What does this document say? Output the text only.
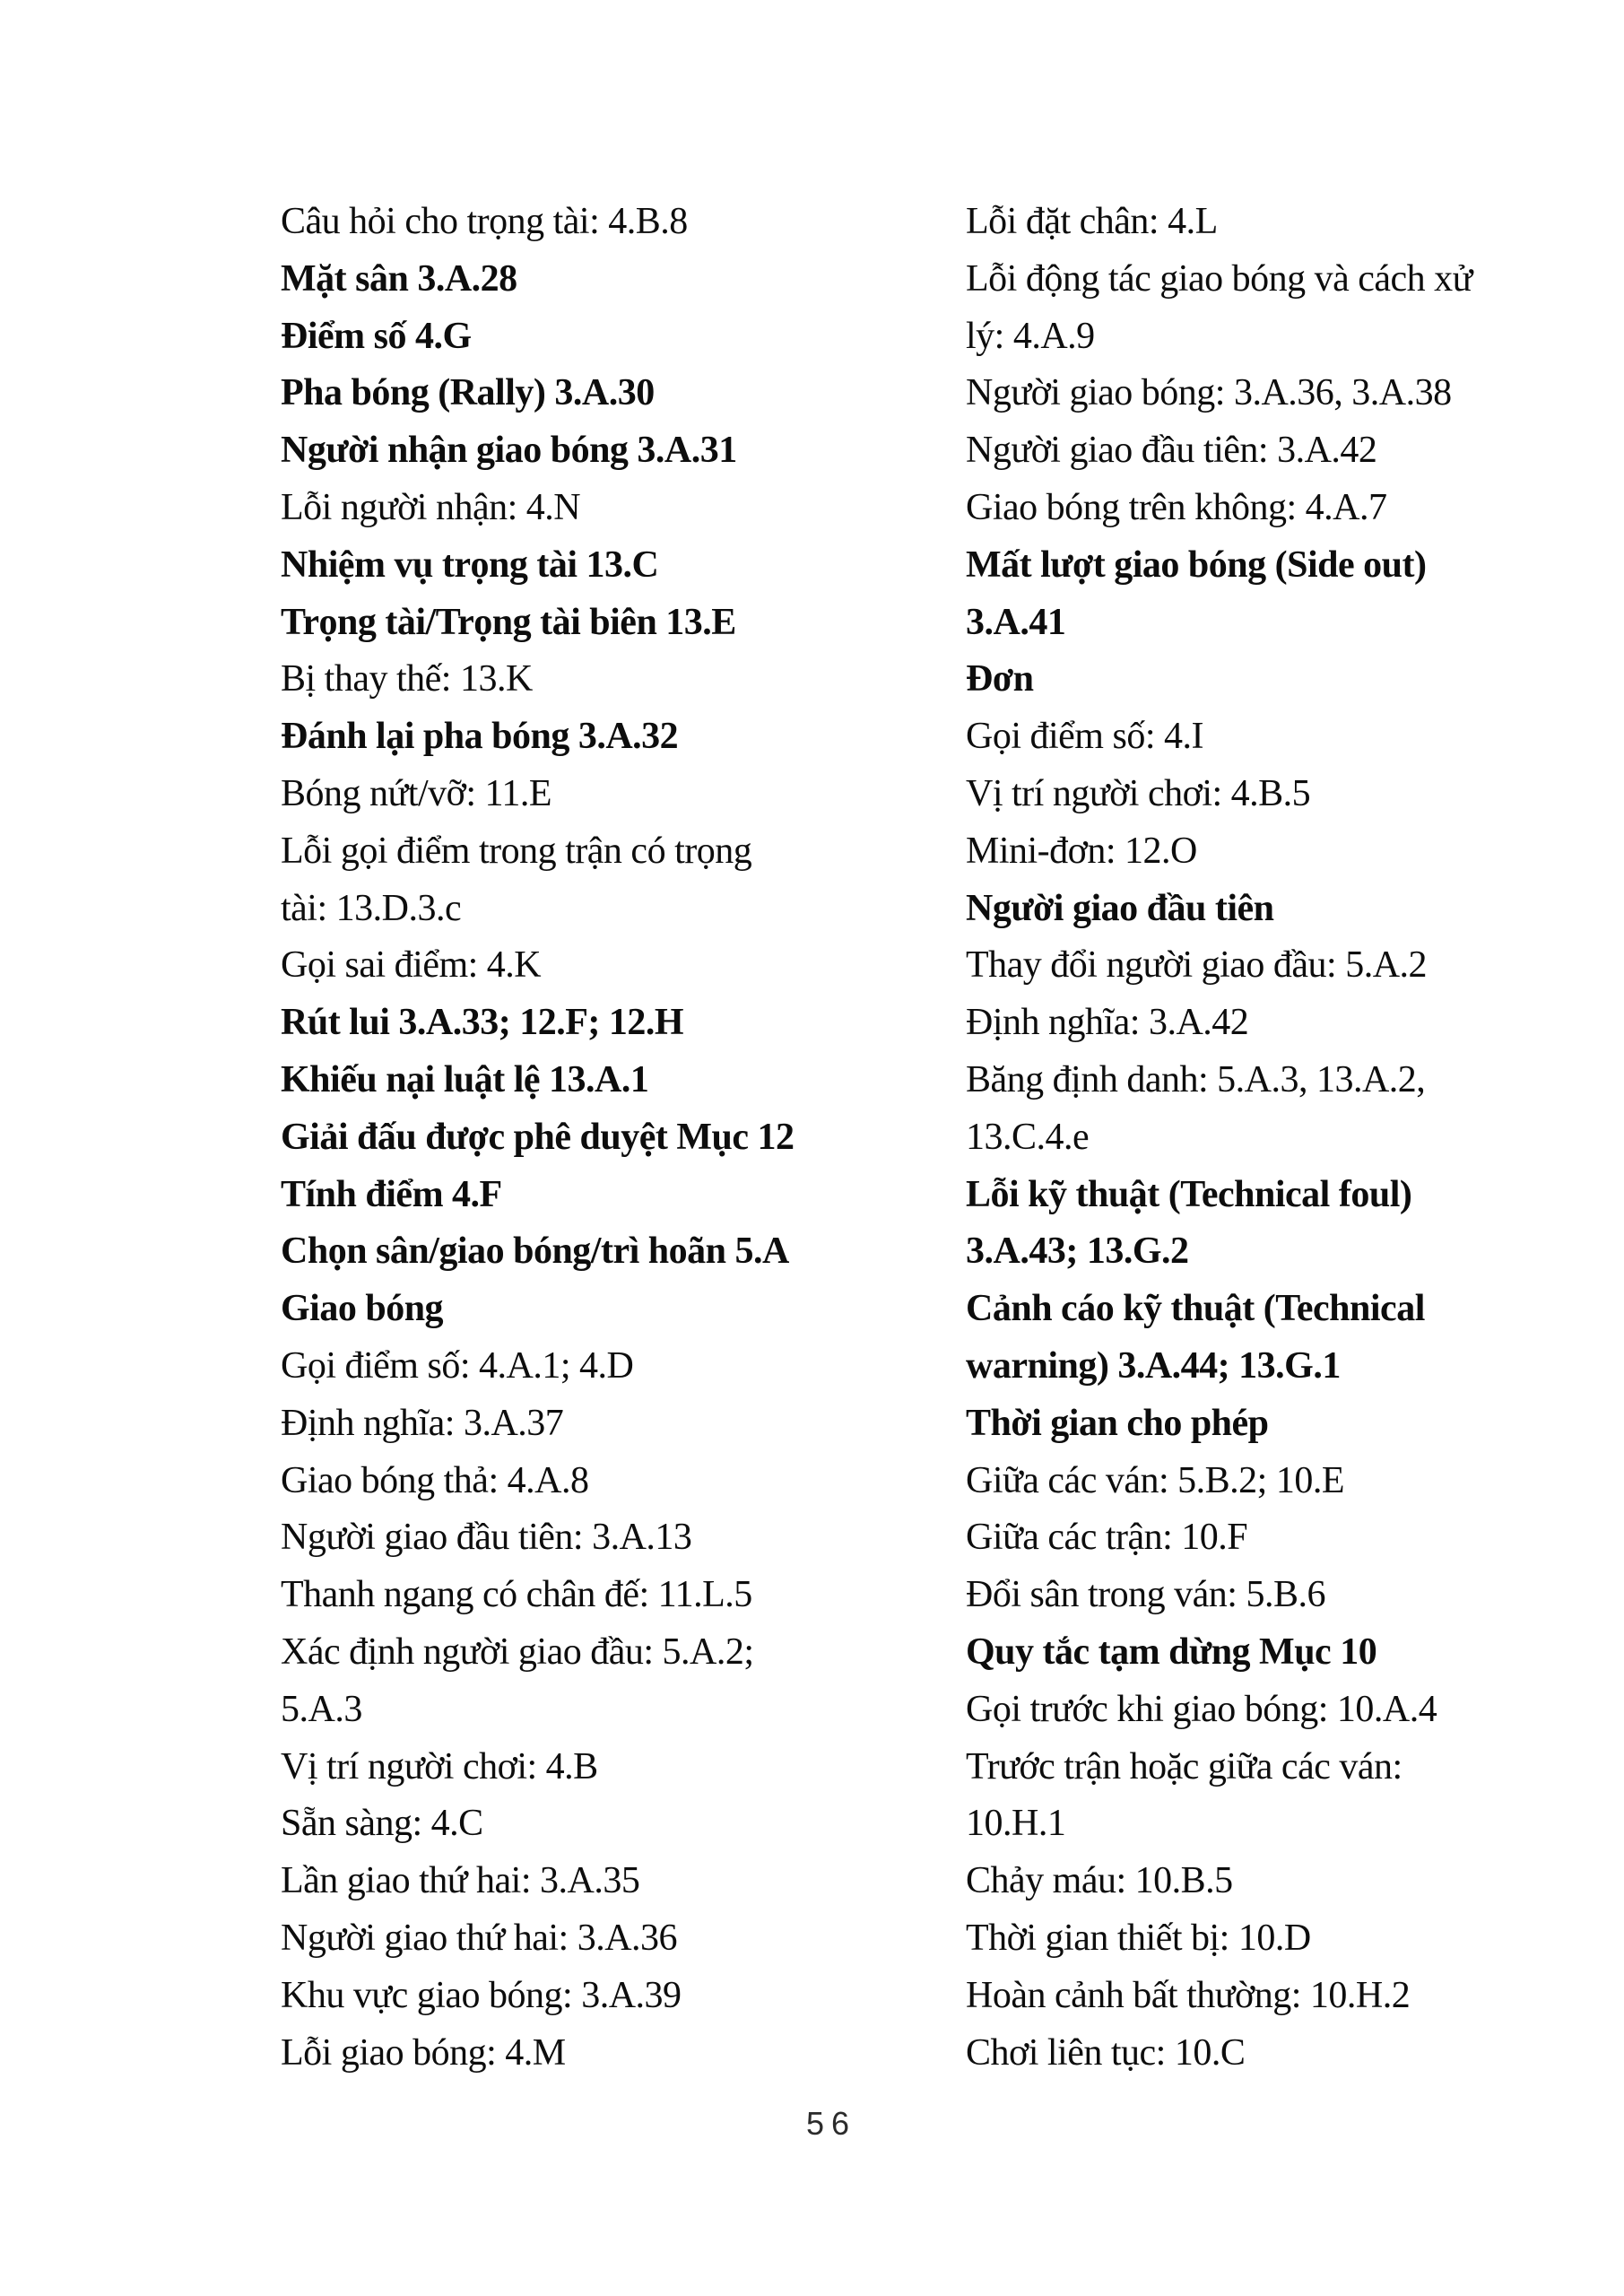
Câu hỏi cho trọng tài: 4.B.8
Mặt sân 3.A.28
Điểm số 4.G
Pha bóng (Rally) 3.A.30
Người nhận giao bóng 3.A.31
Lỗi người nhận: 4.N
Nhiệm vụ trọng tài 13.C
Trọng tài/Trọng tài biên 13.E
Bị thay thế: 13.K
Đánh lại pha bóng 3.A.32
Bóng nứt/vỡ: 11.E
Lỗi gọi điểm trong trận có trọng
tài: 13.D.3.c
Gọi sai điểm: 4.K
Rút lui 3.A.33; 12.F; 12.H
Khiếu nại luật lệ 13.A.1
Giải đấu được phê duyệt Mục 12
Tính điểm 4.F
Chọn sân/giao bóng/trì hoãn 5.A
Giao bóng
Gọi điểm số: 4.A.1; 4.D
Định nghĩa: 3.A.37
Giao bóng thả: 4.A.8
Người giao đầu tiên: 3.A.13
Thanh ngang có chân đế: 11.L.5
Xác định người giao đầu: 5.A.2;
5.A.3
Vị trí người chơi: 4.B
Sẵn sàng: 4.C
Lần giao thứ hai: 3.A.35
Người giao thứ hai: 3.A.36
Khu vực giao bóng: 3.A.39
Lỗi giao bóng: 4.M
Lỗi đặt chân: 4.L
Lỗi động tác giao bóng và cách xử
lý: 4.A.9
Người giao bóng: 3.A.36, 3.A.38
Người giao đầu tiên: 3.A.42
Giao bóng trên không: 4.A.7
Mất lượt giao bóng (Side out)
3.A.41
Đơn
Gọi điểm số: 4.I
Vị trí người chơi: 4.B.5
Mini-đơn: 12.O
Người giao đầu tiên
Thay đổi người giao đầu: 5.A.2
Định nghĩa: 3.A.42
Băng định danh: 5.A.3, 13.A.2,
13.C.4.e
Lỗi kỹ thuật (Technical foul)
3.A.43; 13.G.2
Cảnh cáo kỹ thuật (Technical
warning) 3.A.44; 13.G.1
Thời gian cho phép
Giữa các ván: 5.B.2; 10.E
Giữa các trận: 10.F
Đổi sân trong ván: 5.B.6
Quy tắc tạm dừng Mục 10
Gọi trước khi giao bóng: 10.A.4
Trước trận hoặc giữa các ván:
10.H.1
Chảy máu: 10.B.5
Thời gian thiết bị: 10.D
Hoàn cảnh bất thường: 10.H.2
Chơi liên tục: 10.C
56
